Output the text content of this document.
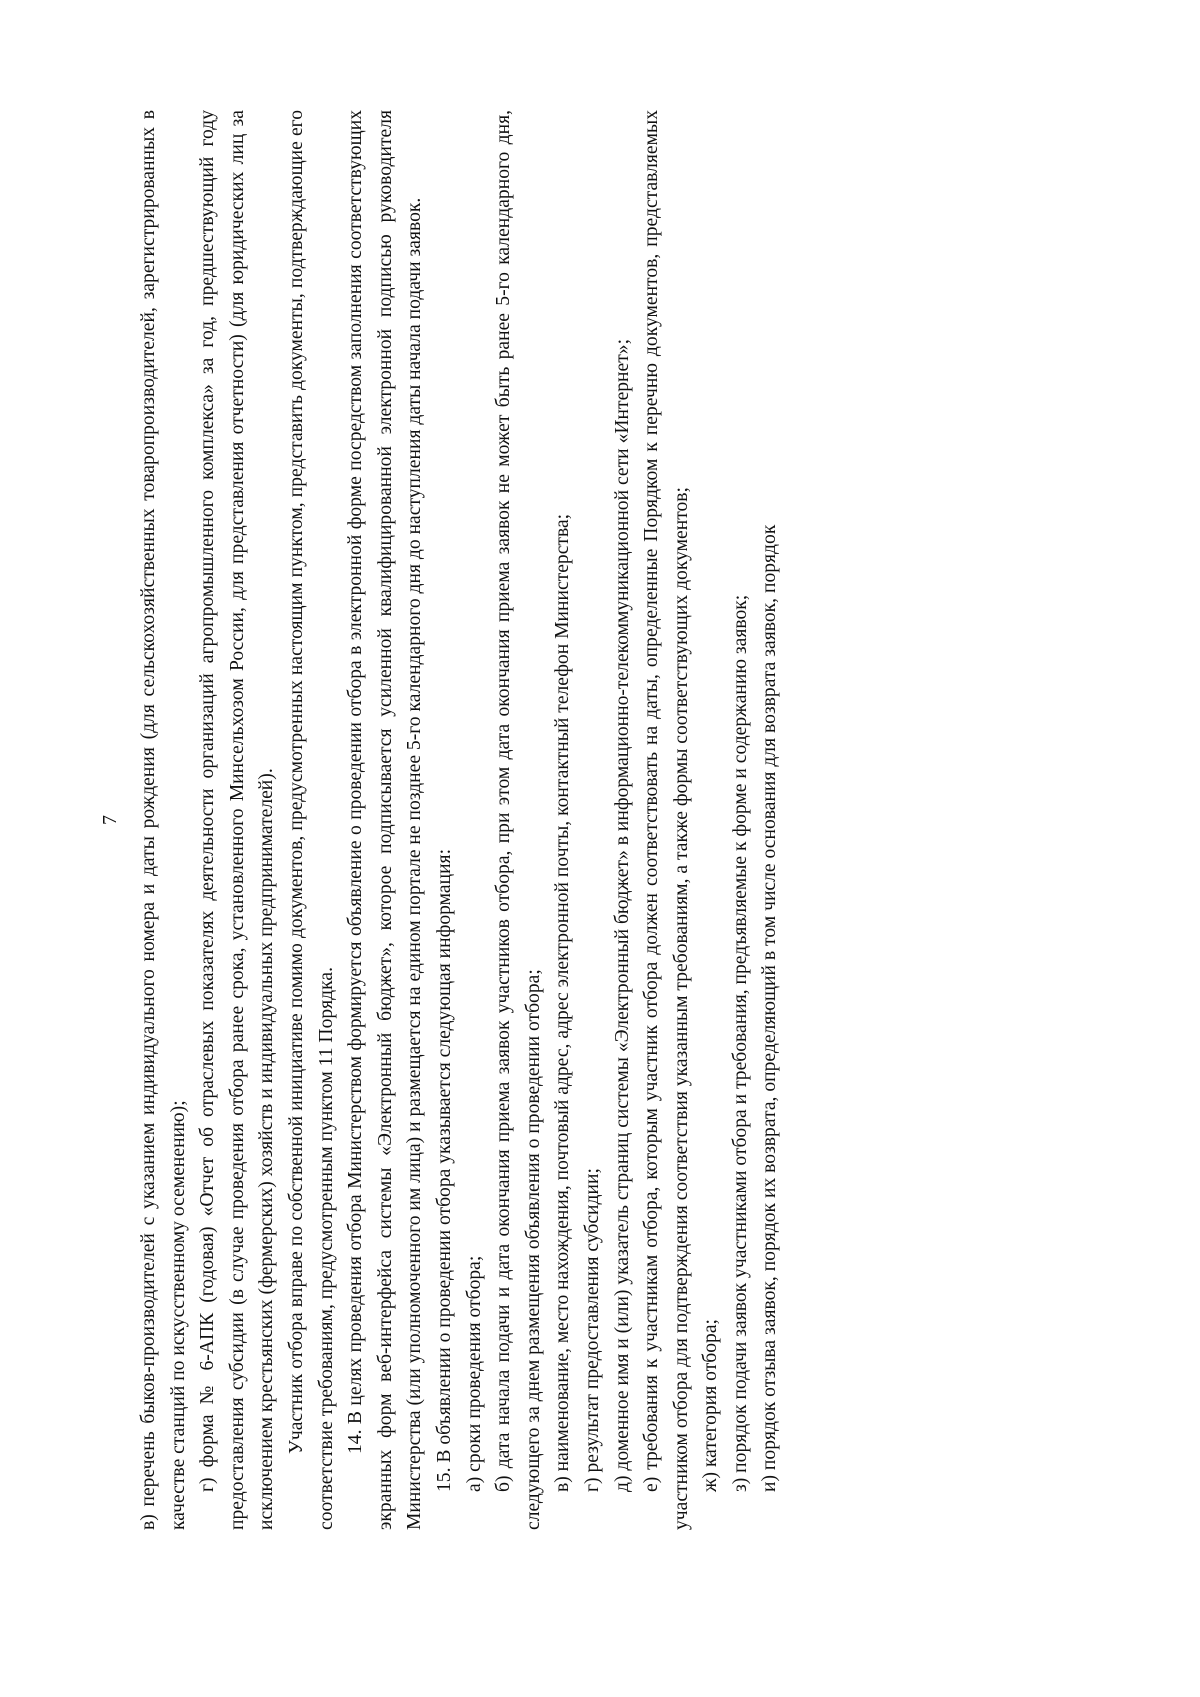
7 в) перечень быков-производителей с указанием индивидуального номера и даты рождения (для сельскохозяйственных товаропроизводителей, зарегистрированных в качестве станций по искусственному осеменению); г) форма № 6-АПК (годовая) «Отчет об отраслевых показателях деятельности организаций агропромышленного комплекса» за год, предшествующий году предоставления субсидии (в случае проведения отбора ранее срока, установленного Минсельхозом России, для представления отчетности) (для юридических лиц за исключением крестьянских (фермерских) хозяйств и индивидуальных предпринимателей). Участник отбора вправе по собственной инициативе помимо документов, предусмотренных настоящим пунктом, представить документы, подтверждающие его соответствие требованиям, предусмотренным пунктом 11 Порядка. 14. В целях проведения отбора Министерством формируется объявление о проведении отбора в электронной форме посредством заполнения соответствующих экранных форм веб-интерфейса системы «Электронный бюджет», которое подписывается усиленной квалифицированной электронной подписью руководителя Министерства (или уполномоченного им лица) и размещается на едином портале не позднее 5-го календарного дня до наступления даты начала подачи заявок. 15. В объявлении о проведении отбора указывается следующая информация: а) сроки проведения отбора; б) дата начала подачи и дата окончания приема заявок участников отбора, при этом дата окончания приема заявок не может быть ранее 5-го календарного дня, следующего за днем размещения объявления о проведении отбора; в) наименование, место нахождения, почтовый адрес, адрес электронной почты, контактный телефон Министерства; г) результат предоставления субсидии; д) доменное имя и (или) указатель страниц системы «Электронный бюджет» в информационно-телекоммуникационной сети «Интернет»; е) требования к участникам отбора, которым участник отбора должен соответствовать на даты, определенные Порядком к перечню документов, представляемых участником отбора для подтверждения соответствия указанным требованиям, а также формы соответствующих документов; ж) категория отбора; з) порядок подачи заявок участниками отбора и требования, предъявляемые к форме и содержанию заявок; и) порядок отзыва заявок, порядок их возврата, определяющий в том числе основания для возврата заявок, порядок
